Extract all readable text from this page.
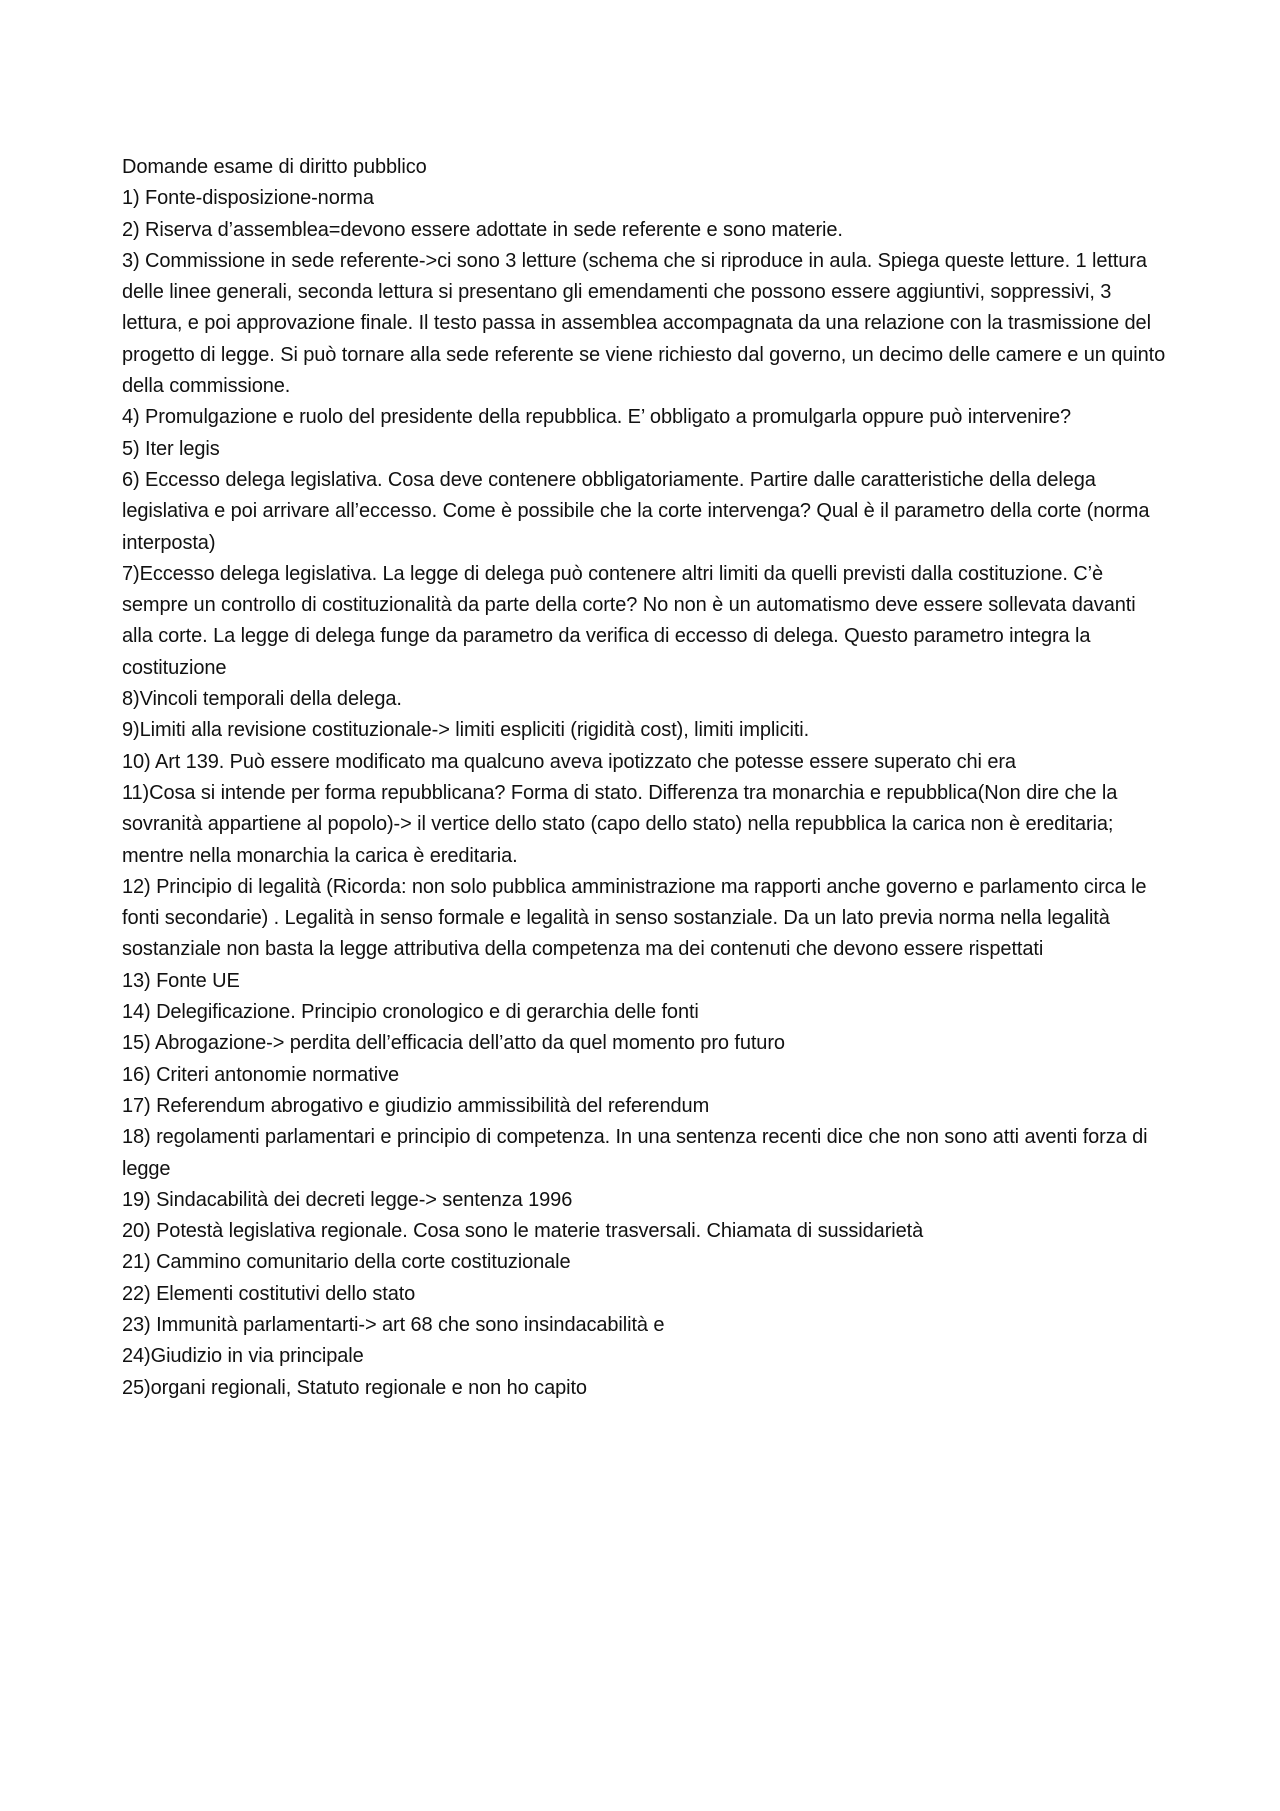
Domande esame di diritto pubblico

1) Fonte-disposizione-norma

2) Riserva d’assemblea=devono essere adottate in sede referente e sono materie.

3) Commissione in sede referente->ci sono 3 letture (schema che si riproduce in aula. Spiega queste letture. 1 lettura delle linee generali, seconda lettura si presentano gli emendamenti che possono essere aggiuntivi, soppressivi, 3 lettura, e poi approvazione finale. Il testo passa in assemblea accompagnata da una relazione con la trasmissione del progetto di legge. Si può tornare alla sede referente se viene richiesto dal governo, un decimo delle camere e un quinto della commissione.

4) Promulgazione e ruolo del presidente della repubblica. E’ obbligato a promulgarla oppure può intervenire?

5) Iter legis

6) Eccesso delega legislativa. Cosa deve contenere obbligatoriamente. Partire dalle caratteristiche della delega legislativa e poi arrivare all’eccesso. Come è possibile che la corte intervenga? Qual è il parametro della corte (norma interposta)

7)Eccesso delega legislativa. La legge di delega può contenere altri limiti da quelli previsti dalla costituzione. C’è sempre un controllo di costituzionalità da parte della corte? No non è un automatismo deve essere sollevata davanti alla corte. La legge di delega funge da parametro da verifica di eccesso di delega. Questo parametro integra la costituzione

8)Vincoli temporali della delega.

9)Limiti alla revisione costituzionale-> limiti espliciti (rigidità cost), limiti impliciti.

10) Art 139. Può essere modificato ma qualcuno aveva ipotizzato che potesse essere superato chi era

11)Cosa si intende per forma repubblicana? Forma di stato. Differenza tra monarchia e repubblica(Non dire che la sovranità appartiene al popolo)-> il vertice dello stato (capo dello stato) nella repubblica la carica non è ereditaria; mentre nella monarchia la carica è ereditaria.

12) Principio di legalità (Ricorda: non solo pubblica amministrazione ma rapporti anche governo e parlamento circa le fonti secondarie) . Legalità in senso formale e legalità in senso sostanziale. Da un lato previa norma nella legalità sostanziale non basta la legge attributiva della competenza ma dei contenuti che devono essere rispettati

13) Fonte UE

14) Delegificazione. Principio cronologico e di gerarchia delle fonti

15) Abrogazione-> perdita dell’efficacia dell’atto da quel momento pro futuro

16) Criteri antonomie normative

17) Referendum abrogativo e giudizio ammissibilità del referendum

18) regolamenti parlamentari e principio di competenza. In una sentenza recenti dice che non sono atti aventi forza di legge

19) Sindacabilità dei decreti legge-> sentenza 1996

20) Potestà legislativa regionale. Cosa sono le materie trasversali. Chiamata di sussidarietà

21) Cammino comunitario della corte costituzionale

22) Elementi costitutivi dello stato

23) Immunità parlamentarti-> art 68 che sono insindacabilità e

24)Giudizio in via principale

25)organi regionali, Statuto regionale e non ho capito
